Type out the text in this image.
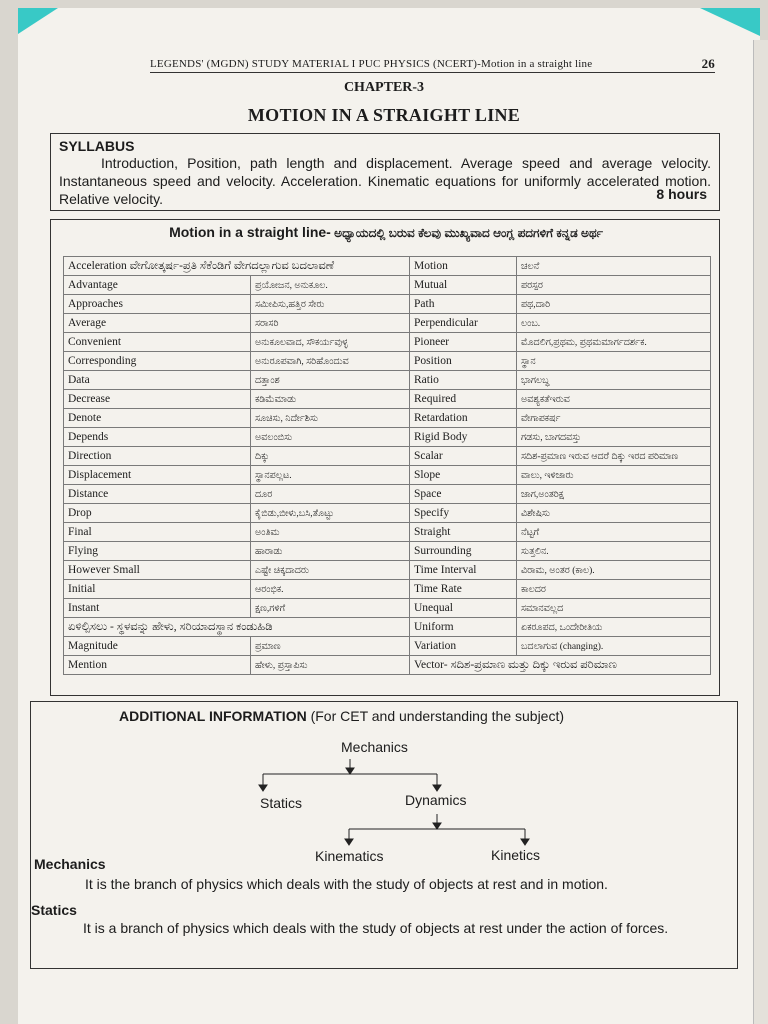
LEGENDS' (MGDN) STUDY MATERIAL I PUC PHYSICS (NCERT)-Motion in a straight line	26
CHAPTER-3
MOTION IN A STRAIGHT LINE
SYLLABUS
Introduction, Position, path length and displacement. Average speed and average velocity. Instantaneous speed and velocity. Acceleration. Kinematic equations for uniformly accelerated motion. Relative velocity.	8 hours
Motion in a straight line- ಅಧ್ಯಾಯದಲ್ಲಿ ಬರುವ ಕೆಲವು ಮುಖ್ಯವಾದ ಆಂಗ್ಲ ಪದಗಳಿಗೆ ಕನ್ನಡ ಅರ್ಥ
Acceleration ವೇಗೋತ್ಕರ್ಷ-ಪ್ರತಿ ಸೆಕೆಂಡಿಗೆ ವೇಗದಲ್ಲಾಗುವ ಬದಲಾವಣೆ		Motion	ಚಲನೆ
Advantage	ಪ್ರಯೋಜನ, ಅನುಕೂಲ.	Mutual	ಪರಸ್ಪರ
Approaches	ಸಮೀಪಿಸು,ಹತ್ತಿರ ಸೇರು	Path	ಪಥ,ದಾರಿ
Average	ಸರಾಸರಿ	Perpendicular	ಲಂಬ.
Convenient	ಅನುಕೂಲವಾದ, ಸೌಕರ್ಯವುಳ್ಳ	Pioneer	ಮೊದಲಿಗ,ಪ್ರಥಮ, ಪ್ರಥಮಮಾರ್ಗದರ್ಶಕ.
Corresponding	ಅನುರೂಪವಾಗಿ, ಸರಿಹೊಂದುವ	Position	ಸ್ಥಾನ
Data	ದತ್ತಾಂಶ	Ratio	ಭಾಗಲಬ್ಧ
Decrease	ಕಡಿಮೆಮಾಡು	Required	ಅವಶ್ಯಕತೆಇರುವ
Denote	ಸೂಚಿಸು, ನಿರ್ದೇಶಿಸು	Retardation	ವೇಗಾಪಕರ್ಷ
Depends	ಅವಲಂಬಿಸು	Rigid Body	ಗಡಸು, ಬಾಗದವಸ್ತು
Direction	ದಿಕ್ಕು	Scalar	ಸದಿಶ-ಪ್ರಮಾಣ ಇರುವ ಆದರೆ ದಿಕ್ಕು ಇರದ ಪರಿಮಾಣ
Displacement	ಸ್ಥಾನಪಲ್ಲಟ.	Slope	ವಾಲು, ಇಳಿಜಾರು
Distance	ದೂರ	Space	ಜಾಗ,ಅಂತರಿಕ್ಷ
Drop	ಕೈಬಿಡು,ಬೀಳು,ಬಸಿ,ತೊಟ್ಟು	Specify	ವಿಶೇಷಿಸು
Final	ಅಂತಿಮ	Straight	ನೆಟ್ಟಗೆ
Flying	ಹಾರಾಡು	Surrounding	ಸುತ್ತಲಿನ.
However Small	ಎಷ್ಟೇ ಚಿಕ್ಕದಾದರು	Time Interval	ವಿರಾಮ, ಅಂತರ (ಕಾಲ).
Initial	ಆರಂಭಿಕ.	Time Rate	ಕಾಲದರ
Instant	ಕ್ಷಣ,ಗಳಿಗೆ	Unequal	ಸಮಾನವಲ್ಲದ
ಏಳಿಲ್ಪಿಸಲು - ಸ್ಥಳವನ್ನು ಹೇಳು, ಸರಿಯಾದಸ್ಥಾನ ಕಂಡುಹಿಡಿ		Uniform	ಏಕರೂಪದ, ಒಂದೇರೀತಿಯ
Magnitude	ಪ್ರಮಾಣ	Variation	ಬದಲಾಗುವ (changing).
Mention	ಹೇಳು, ಪ್ರಸ್ತಾಪಿಸು	Vector- ಸದಿಶ-ಪ್ರಮಾಣ ಮತ್ತು ದಿಕ್ಕು ಇರುವ ಪರಿಮಾಣ	
ADDITIONAL INFORMATION (For CET and understanding the subject)
Mechanics
Statics	Dynamics
Kinematics	Kinetics
Mechanics
It is the branch of physics which deals with the study of objects at rest and in motion.
Statics
It is a branch of physics which deals with the study of objects at rest under the action of forces.
